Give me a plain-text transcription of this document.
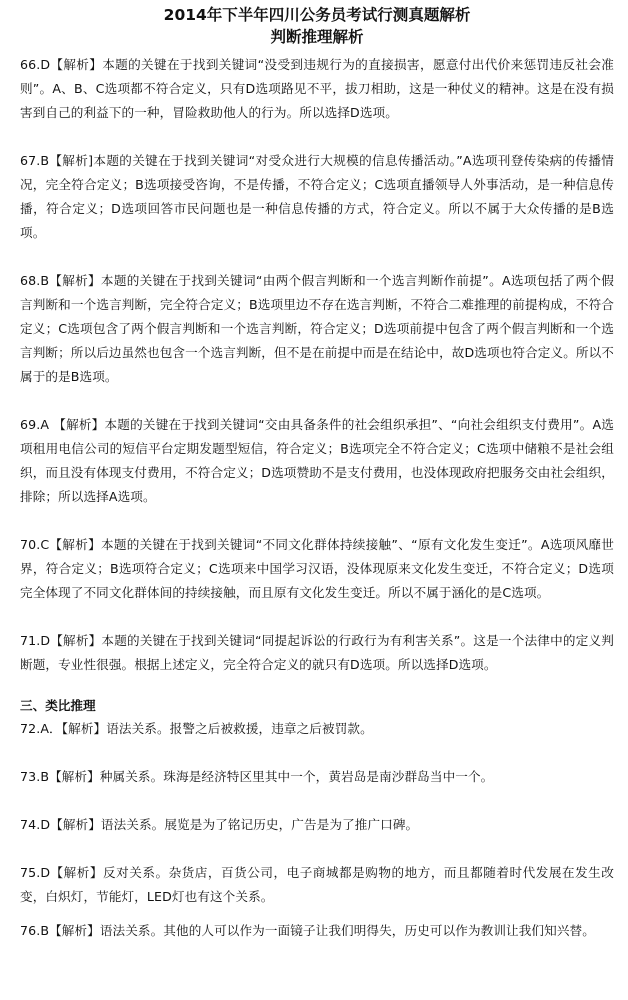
2014年下半年四川公务员考试行测真题解析
判断推理解析

66.D【解析】本题的关键在于找到关键词“没受到违规行为的直接损害，愿意付出代价来惩罚违反社会准则”。A、B、C选项都不符合定义，只有D选项路见不平，拔刀相助，这是一种仗义的精神。这是在没有损害到自己的利益下的一种，冒险救助他人的行为。所以选择D选项。

67.B【解析]本题的关键在于找到关键词“对受众进行大规模的信息传播活动。”A选项刊登传染病的传播情况，完全符合定义；B选项接受咨询，不是传播，不符合定义；C选项直播领导人外事活动，是一种信息传播，符合定义；D选项回答市民问题也是一种信息传播的方式，符合定义。所以不属于大众传播的是B选项。

68.B【解析】本题的关键在于找到关键词“由两个假言判断和一个选言判断作前提”。A选项包括了两个假言判断和一个选言判断，完全符合定义；B选项里边不存在选言判断，不符合二难推理的前提构成，不符合定义；C选项包含了两个假言判断和一个选言判断，符合定义；D选项前提中包含了两个假言判断和一个选言判断；所以后边虽然也包含一个选言判断，但不是在前提中而是在结论中，故D选项也符合定义。所以不属于的是B选项。

69.A 【解析】本题的关键在于找到关键词“交由具备条件的社会组织承担”、“向社会组织支付费用”。A选项租用电信公司的短信平台定期发题型短信，符合定义；B选项完全不符合定义；C选项中储粮不是社会组织，而且没有体现支付费用，不符合定义；D选项赞助不是支付费用，也没体现政府把服务交由社会组织，排除；所以选择A选项。

70.C【解析】本题的关键在于找到关键词“不同文化群体持续接触”、“原有文化发生变迁”。A选项风靡世界，符合定义；B选项符合定义；C选项来中国学习汉语，没体现原来文化发生变迁，不符合定义；D选项完全体现了不同文化群体间的持续接触，而且原有文化发生变迁。所以不属于涵化的是C选项。

71.D【解析】本题的关键在于找到关键词“同提起诉讼的行政行为有利害关系”。这是一个法律中的定义判断题，专业性很强。根据上述定义，完全符合定义的就只有D选项。所以选择D选项。

三、类比推理

72.A．【解析】语法关系。报警之后被救援，违章之后被罚款。

73.B【解析】种属关系。珠海是经济特区里其中一个，黄岩岛是南沙群岛当中一个。

74.D【解析】语法关系。展览是为了铭记历史，广告是为了推广口碑。

75.D【解析】反对关系。杂货店，百货公司，电子商城都是购物的地方，而且都随着时代发展在发生改变，白炽灯，节能灯，LED灯也有这个关系。

76.B【解析】语法关系。其他的人可以作为一面镜子让我们明得失，历史可以作为教训让我们知兴替。
